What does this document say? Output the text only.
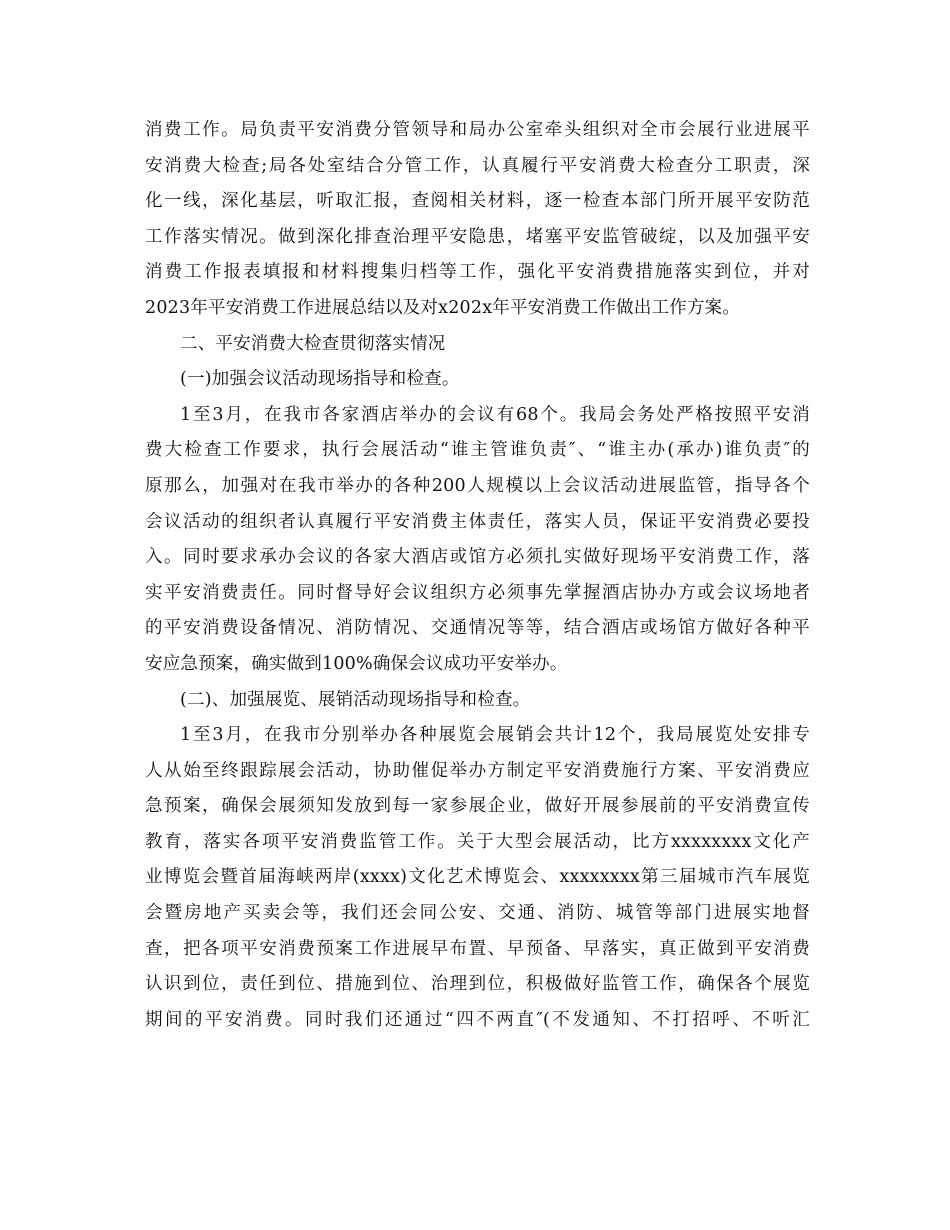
消费工作。局负责平安消费分管领导和局办公室牵头组织对全市会展行业进展平
安消费大检查;局各处室结合分管工作，认真履行平安消费大检查分工职责，深
化一线，深化基层，听取汇报，查阅相关材料，逐一检查本部门所开展平安防范
工作落实情况。做到深化排查治理平安隐患，堵塞平安监管破绽，以及加强平安
消费工作报表填报和材料搜集归档等工作，强化平安消费措施落实到位，并对
2023年平安消费工作进展总结以及对x202x年平安消费工作做出工作方案。
二、平安消费大检查贯彻落实情况
(一)加强会议活动现场指导和检查。
1至3月，在我市各家酒店举办的会议有68个。我局会务处严格按照平安消
费大检查工作要求，执行会展活动“谁主管谁负责″、“谁主办(承办)谁负责″的
原那么，加强对在我市举办的各种200人规模以上会议活动进展监管，指导各个
会议活动的组织者认真履行平安消费主体责任，落实人员，保证平安消费必要投
入。同时要求承办会议的各家大酒店或馆方必须扎实做好现场平安消费工作，落
实平安消费责任。同时督导好会议组织方必须事先掌握酒店协办方或会议场地者
的平安消费设备情况、消防情况、交通情况等等，结合酒店或场馆方做好各种平
安应急预案，确实做到100%确保会议成功平安举办。
(二)、加强展览、展销活动现场指导和检查。
1至3月，在我市分别举办各种展览会展销会共计12个，我局展览处安排专
人从始至终跟踪展会活动，协助催促举办方制定平安消费施行方案、平安消费应
急预案，确保会展须知发放到每一家参展企业，做好开展参展前的平安消费宣传
教育，落实各项平安消费监管工作。关于大型会展活动，比方xxxxxxxx文化产
业博览会暨首届海峡两岸(xxxx)文化艺术博览会、xxxxxxxx第三届城市汽车展览
会暨房地产买卖会等，我们还会同公安、交通、消防、城管等部门进展实地督
查，把各项平安消费预案工作进展早布置、早预备、早落实，真正做到平安消费
认识到位，责任到位、措施到位、治理到位，积极做好监管工作，确保各个展览
期间的平安消费。同时我们还通过“四不两直″(不发通知、不打招呼、不听汇
